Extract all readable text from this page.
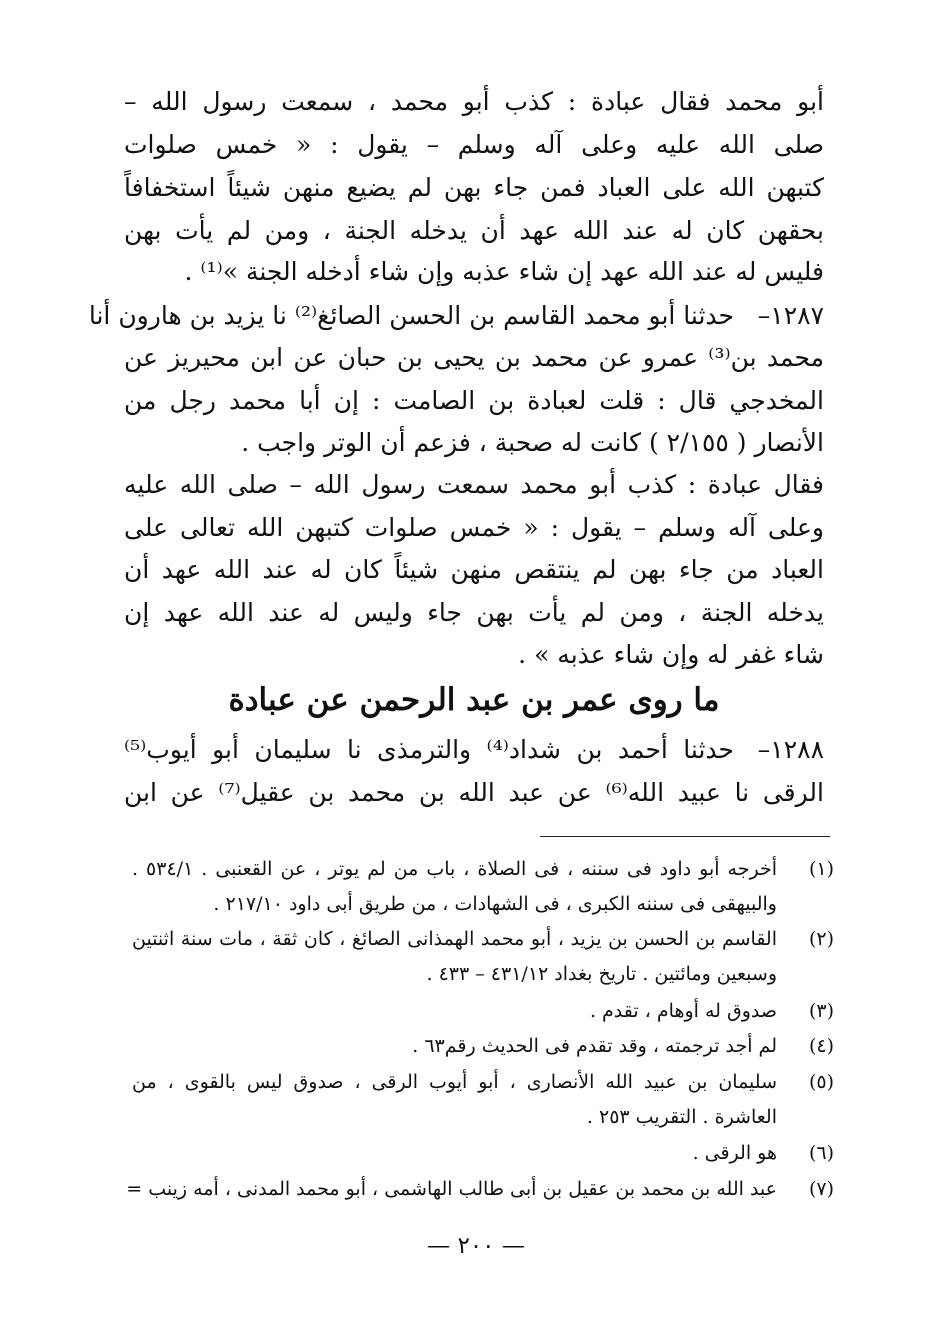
أبو محمد فقال عبادة : كذب أبو محمد ، سمعت رسول الله –
صلى الله عليه وعلى آله وسلم – يقول : « خمس صلوات
كتبهن الله على العباد فمن جاء بهن لم يضيع منهن شيئاً استخفافاً
بحقهن كان له عند الله عهد أن يدخله الجنة ، ومن لم يأت بهن
فليس له عند الله عهد إن شاء عذبه وإن شاء أدخله الجنة »⁽¹⁾ .
١٢٨٧–
حدثنا أبو محمد القاسم بن الحسن الصائغ⁽²⁾ نا يزيد بن هارون أنا
محمد بن⁽³⁾ عمرو عن محمد بن يحيى بن حبان عن ابن محيريز عن
المخدجي قال : قلت لعبادة بن الصامت : إن أبا محمد رجل من
الأنصار ( ٢/١٥٥ ) كانت له صحبة ، فزعم أن الوتر واجب .
فقال عبادة : كذب أبو محمد سمعت رسول الله – صلى الله عليه
وعلى آله وسلم – يقول : « خمس صلوات كتبهن الله تعالى على
العباد من جاء بهن لم ينتقص منهن شيئاً كان له عند الله عهد أن
يدخله الجنة ، ومن لم يأت بهن جاء وليس له عند الله عهد إن
شاء غفر له وإن شاء عذبه » .
ما روى عمر بن عبد الرحمن عن عبادة
١٢٨٨–
حدثنا أحمد بن شداد⁽⁴⁾ والترمذى نا سليمان أبو أيوب⁽⁵⁾
الرقى نا عبيد الله⁽⁶⁾ عن عبد الله بن محمد بن عقيل⁽⁷⁾ عن ابن
(١)
أخرجه أبو داود فى سننه ، فى الصلاة ، باب من لم يوتر ، عن القعنبى . ٥٣٤/١ .
والبيهقى فى سننه الكبرى ، فى الشهادات ، من طريق أبى داود ٢١٧/١٠ .
(٢)
القاسم بن الحسن بن يزيد ، أبو محمد الهمذانى الصائغ ، كان ثقة ، مات سنة اثنتين
وسبعين ومائتين . تاريخ بغداد ٤٣١/١٢ – ٤٣٣ .
(٣)
صدوق له أوهام ، تقدم .
(٤)
لم أجد ترجمته ، وقد تقدم فى الحديث رقم٦٣ .
(٥)
سليمان بن عبيد الله الأنصارى ، أبو أيوب الرقى ، صدوق ليس بالقوى ، من
العاشرة . التقريب ٢٥٣ .
(٦)
هو الرقى .
(٧)
عبد الله بن محمد بن عقيل بن أبى طالب الهاشمى ، أبو محمد المدنى ، أمه زينب =
— ٢٠٠ —
